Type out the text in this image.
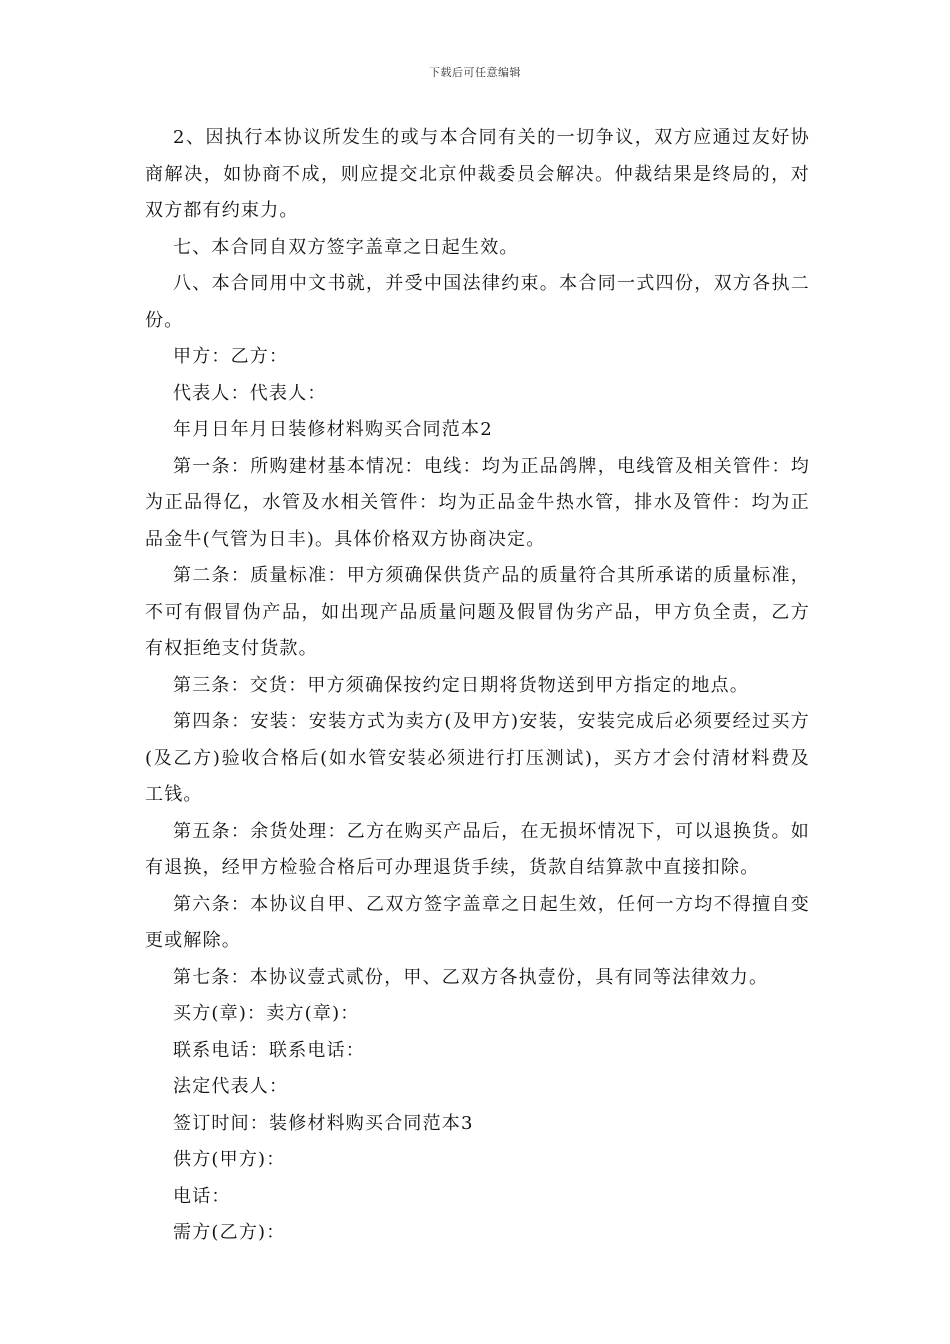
下载后可任意编辑

2、因执行本协议所发生的或与本合同有关的一切争议，双方应通过友好协商解决，如协商不成，则应提交北京仲裁委员会解决。仲裁结果是终局的，对双方都有约束力。

七、本合同自双方签字盖章之日起生效。

八、本合同用中文书就，并受中国法律约束。本合同一式四份，双方各执二份。

甲方：乙方：

代表人：代表人：

年月日年月日装修材料购买合同范本2

第一条：所购建材基本情况：电线：均为正品鸽牌，电线管及相关管件：均为正品得亿，水管及水相关管件：均为正品金牛热水管，排水及管件：均为正品金牛(气管为日丰)。具体价格双方协商决定。

第二条：质量标准：甲方须确保供货产品的质量符合其所承诺的质量标准，不可有假冒伪产品，如出现产品质量问题及假冒伪劣产品，甲方负全责，乙方有权拒绝支付货款。

第三条：交货：甲方须确保按约定日期将货物送到甲方指定的地点。

第四条：安装：安装方式为卖方(及甲方)安装，安装完成后必须要经过买方(及乙方)验收合格后(如水管安装必须进行打压测试)，买方才会付清材料费及工钱。

第五条：余货处理：乙方在购买产品后，在无损坏情况下，可以退换货。如有退换，经甲方检验合格后可办理退货手续，货款自结算款中直接扣除。

第六条：本协议自甲、乙双方签字盖章之日起生效，任何一方均不得擅自变更或解除。

第七条：本协议壹式贰份，甲、乙双方各执壹份，具有同等法律效力。

买方(章)：卖方(章)：

联系电话：联系电话：

法定代表人：

签订时间：装修材料购买合同范本3

供方(甲方)：

电话：

需方(乙方)：
